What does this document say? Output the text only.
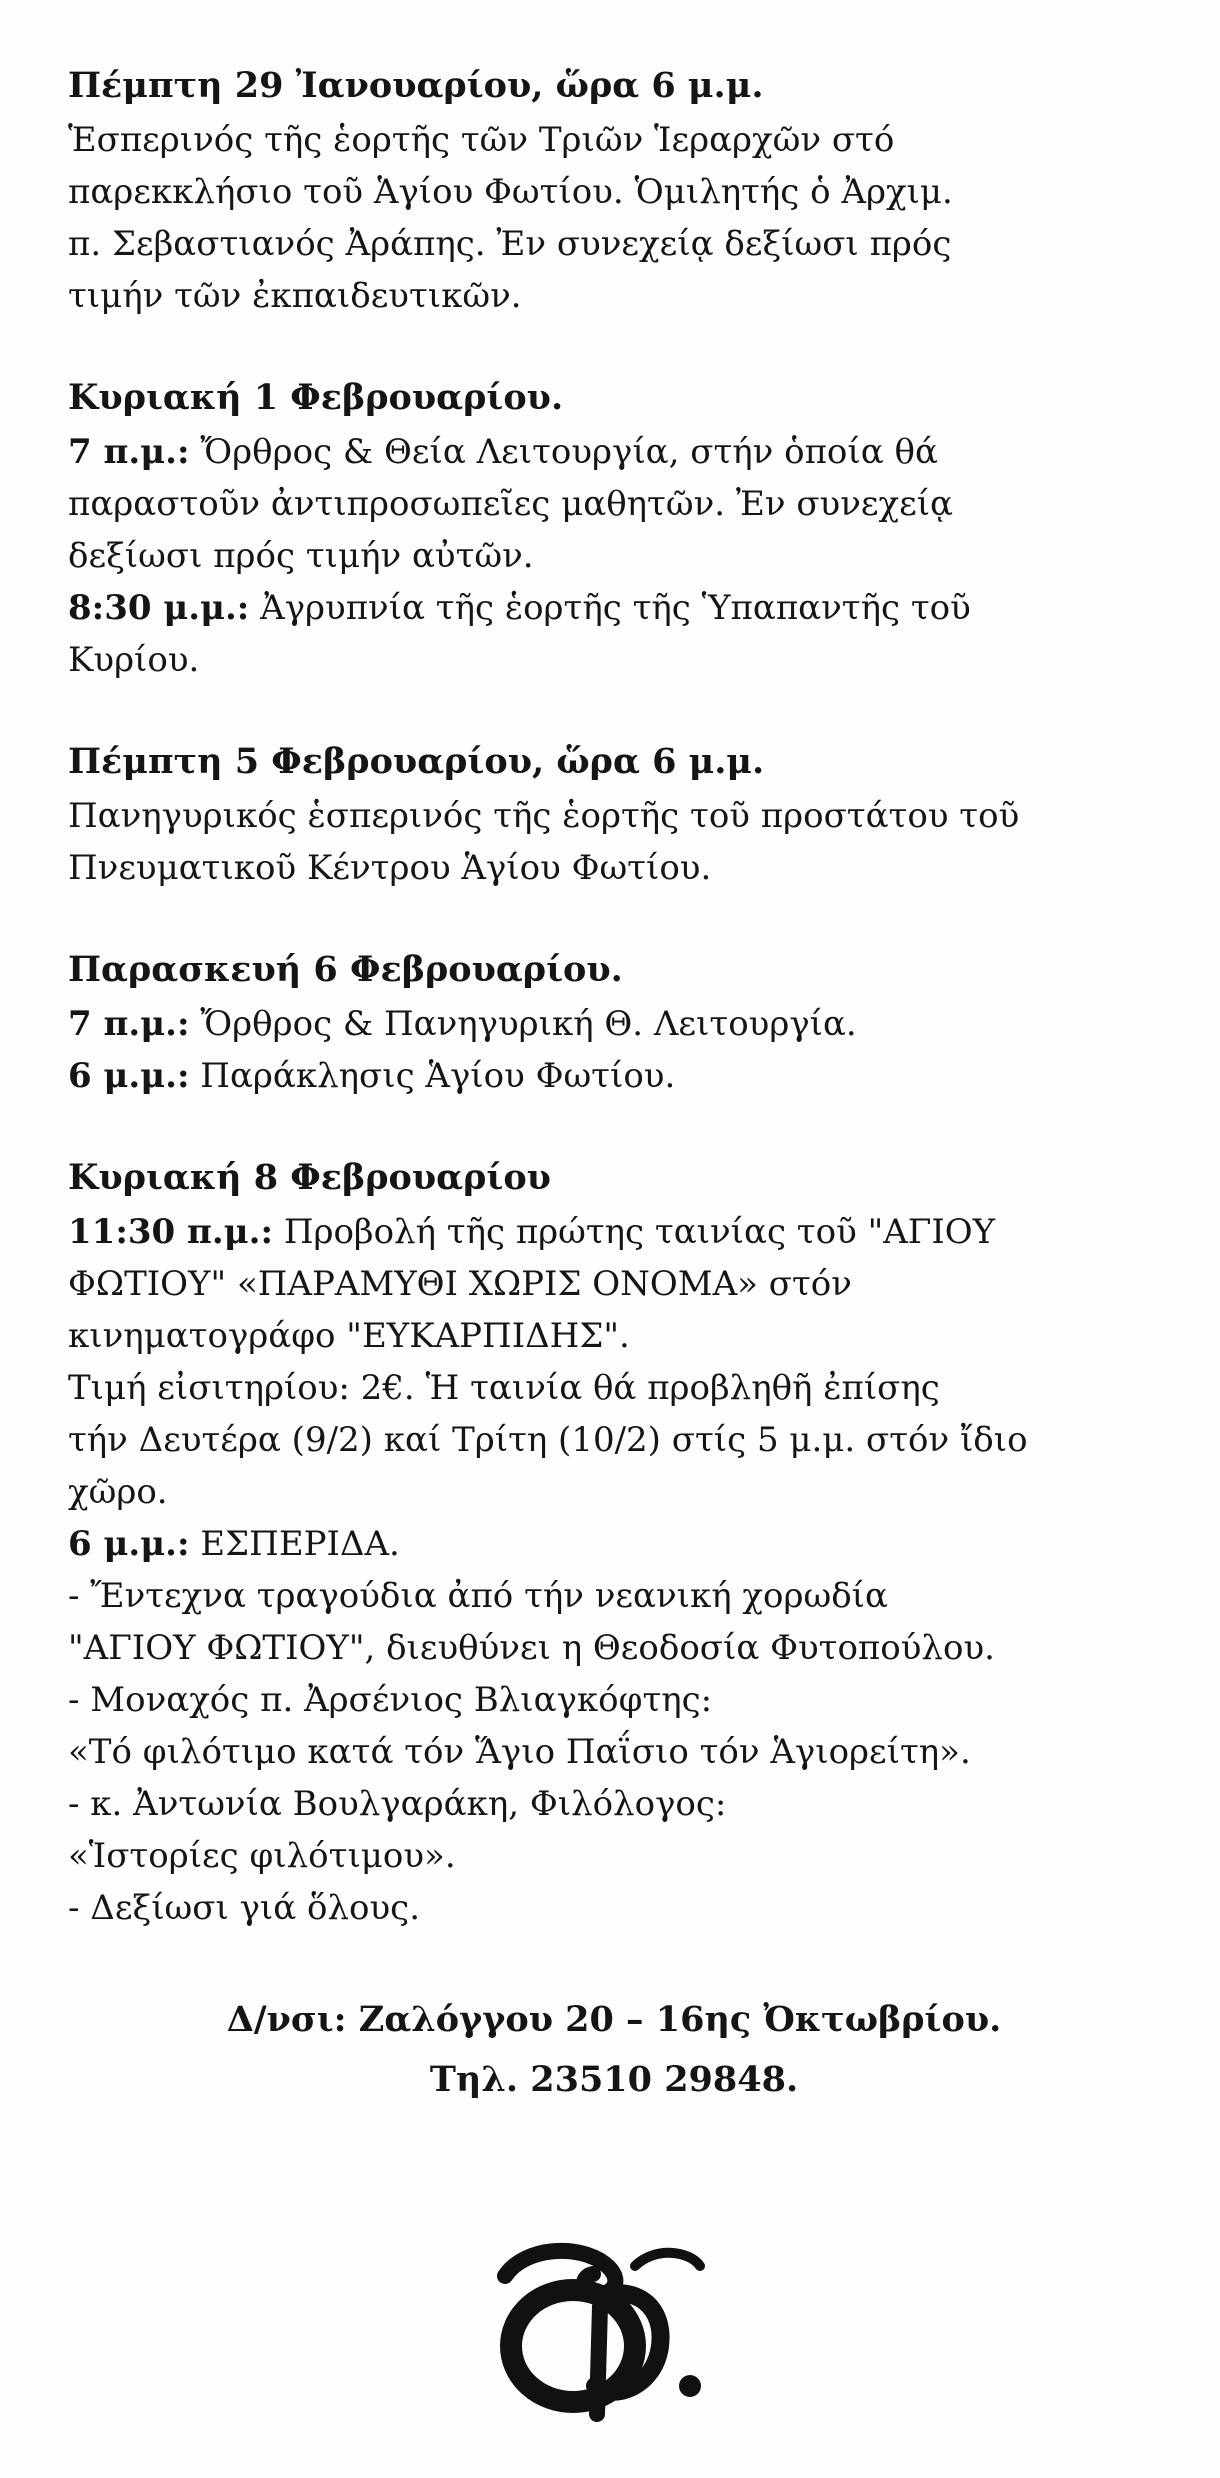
Πέμπτη 29 Ἰανουαρίου, ὥρα 6 μ.μ.

Ἑσπερινός τῆς ἑορτῆς τῶν Τριῶν Ἱεραρχῶν στό

παρεκκλήσιο τοῦ Ἁγίου Φωτίου. Ὁμιλητής ὁ Ἀρχιμ.

π. Σεβαστιανός Ἀράπης. Ἐν συνεχείᾳ δεξίωσι πρός

τιμήν τῶν ἐκπαιδευτικῶν.

Κυριακή 1 Φεβρουαρίου.

7 π.μ.: Ὄρθρος & Θεία Λειτουργία, στήν ὁποία θά

παραστοῦν ἀντιπροσωπεῖες μαθητῶν. Ἐν συνεχείᾳ

δεξίωσι πρός τιμήν αὐτῶν.

8:30 μ.μ.: Ἀγρυπνία τῆς ἑορτῆς τῆς Ὑπαπαντῆς τοῦ

Κυρίου.

Πέμπτη 5 Φεβρουαρίου, ὥρα 6 μ.μ.

Πανηγυρικός ἑσπερινός τῆς ἑορτῆς τοῦ προστάτου τοῦ

Πνευματικοῦ Κέντρου Ἁγίου Φωτίου.

Παρασκευή 6 Φεβρουαρίου.

7 π.μ.: Ὄρθρος & Πανηγυρική Θ. Λειτουργία.

6 μ.μ.: Παράκλησις Ἁγίου Φωτίου.

Κυριακή 8 Φεβρουαρίου

11:30 π.μ.: Προβολή τῆς πρώτης ταινίας τοῦ "ΑΓΙΟΥ

ΦΩΤΙΟΥ" «ΠΑΡΑΜΥΘΙ ΧΩΡΙΣ ΟΝΟΜΑ» στόν

κινηματογράφο "ΕΥΚΑΡΠΙΔΗΣ".

Τιμή εἰσιτηρίου: 2€. Ἡ ταινία θά προβληθῆ ἐπίσης

τήν Δευτέρα (9/2) καί Τρίτη (10/2) στίς 5 μ.μ. στόν ἴδιο

χῶρο.

6 μ.μ.: ΕΣΠΕΡΙΔΑ.

- Ἔντεχνα τραγούδια ἀπό τήν νεανική χορωδία

"ΑΓΙΟΥ ΦΩΤΙΟΥ", διευθύνει η Θεοδοσία Φυτοπούλου.

- Μοναχός π. Ἀρσένιος Βλιαγκόφτης:

«Τό φιλότιμο κατά τόν Ἅγιο Παΐσιο τόν Ἁγιορείτη».

- κ. Ἀντωνία Βουλγαράκη, Φιλόλογος:

«Ἱστορίες φιλότιμου».

- Δεξίωσι γιά ὅλους.

Δ/νσι: Ζαλόγγου 20 – 16ης Ὀκτωβρίου.

Τηλ. 23510 29848.
